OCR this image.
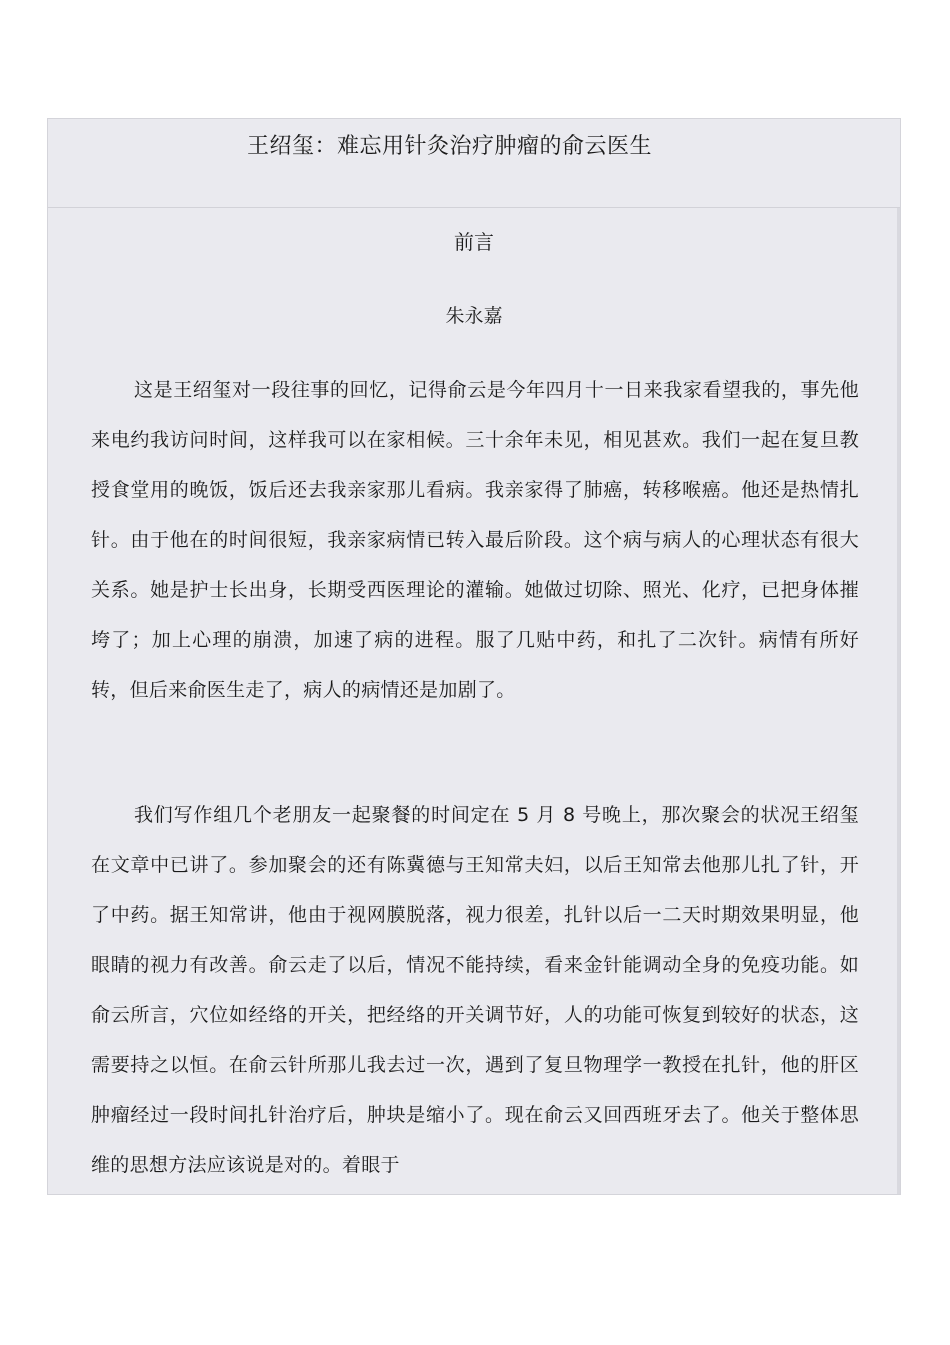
王绍玺：难忘用针灸治疗肿瘤的俞云医生
前言
朱永嘉

这是王绍玺对一段往事的回忆，记得俞云是今年四月十一日来我家看望我的，事先他来电约我访问时间，这样我可以在家相候。三十余年未见，相见甚欢。我们一起在复旦教授食堂用的晚饭，饭后还去我亲家那儿看病。我亲家得了肺癌，转移喉癌。他还是热情扎针。由于他在的时间很短，我亲家病情已转入最后阶段。这个病与病人的心理状态有很大关系。她是护士长出身，长期受西医理论的灌输。她做过切除、照光、化疗，已把身体摧垮了；加上心理的崩溃，加速了病的进程。服了几贴中药，和扎了二次针。病情有所好转，但后来俞医生走了，病人的病情还是加剧了。

我们写作组几个老朋友一起聚餐的时间定在 5 月 8 号晚上，那次聚会的状况王绍玺在文章中已讲了。参加聚会的还有陈冀德与王知常夫妇，以后王知常去他那儿扎了针，开了中药。据王知常讲，他由于视网膜脱落，视力很差，扎针以后一二天时期效果明显，他眼睛的视力有改善。俞云走了以后，情况不能持续，看来金针能调动全身的免疫功能。如俞云所言，穴位如经络的开关，把经络的开关调节好，人的功能可恢复到较好的状态，这需要持之以恒。在俞云针所那儿我去过一次，遇到了复旦物理学一教授在扎针，他的肝区肿瘤经过一段时间扎针治疗后，肿块是缩小了。现在俞云又回西班牙去了。他关于整体思维的思想方法应该说是对的。着眼于
